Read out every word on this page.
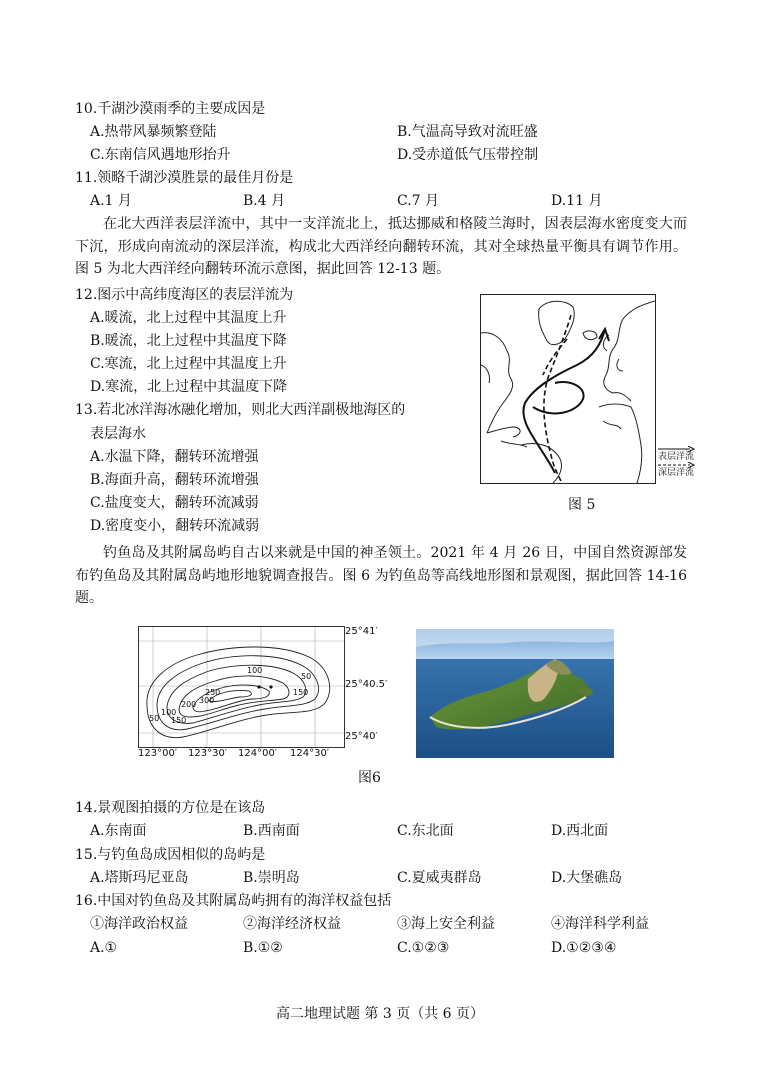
10.千湖沙漠雨季的主要成因是
A.热带风暴频繁登陆	B.气温高导致对流旺盛
C.东南信风遇地形抬升	D.受赤道低气压带控制
11.领略千湖沙漠胜景的最佳月份是
A.1 月	B.4 月	C.7 月	D.11 月
在北大西洋表层洋流中，其中一支洋流北上，抵达挪威和格陵兰海时，因表层海水密度变大而下沉，形成向南流动的深层洋流，构成北大西洋经向翻转环流，其对全球热量平衡具有调节作用。图 5 为北大西洋经向翻转环流示意图，据此回答 12-13 题。
12.图示中高纬度海区的表层洋流为
A.暖流，北上过程中其温度上升
B.暖流，北上过程中其温度下降
C.寒流，北上过程中其温度上升
D.寒流，北上过程中其温度下降
13.若北冰洋海冰融化增加，则北大西洋副极地海区的
表层海水
A.水温下降，翻转环流增强
B.海面升高，翻转环流增强
C.盐度变大，翻转环流减弱
D.密度变小，翻转环流减弱
表层洋流
深层洋流
图 5
钓鱼岛及其附属岛屿自古以来就是中国的神圣领土。2021 年 4 月 26 日，中国自然资源部发布钓鱼岛及其附属岛屿地形地貌调查报告。图 6 为钓鱼岛等高线地形图和景观图，据此回答 14-16 题。
100
250
300
200
150
100
50
50
150
25°41′
25°40.5′
25°40′
123°00′ 123°30′ 124°00′ 124°30′
图6
14.景观图拍摄的方位是在该岛
A.东南面	B.西南面	C.东北面	D.西北面
15.与钓鱼岛成因相似的岛屿是
A.塔斯玛尼亚岛	B.崇明岛	C.夏威夷群岛	D.大堡礁岛
16.中国对钓鱼岛及其附属岛屿拥有的海洋权益包括
①海洋政治权益	②海洋经济权益	③海上安全利益	④海洋科学利益
A.①	B.①②	C.①②③	D.①②③④
高二地理试题 第 3 页（共 6 页）
